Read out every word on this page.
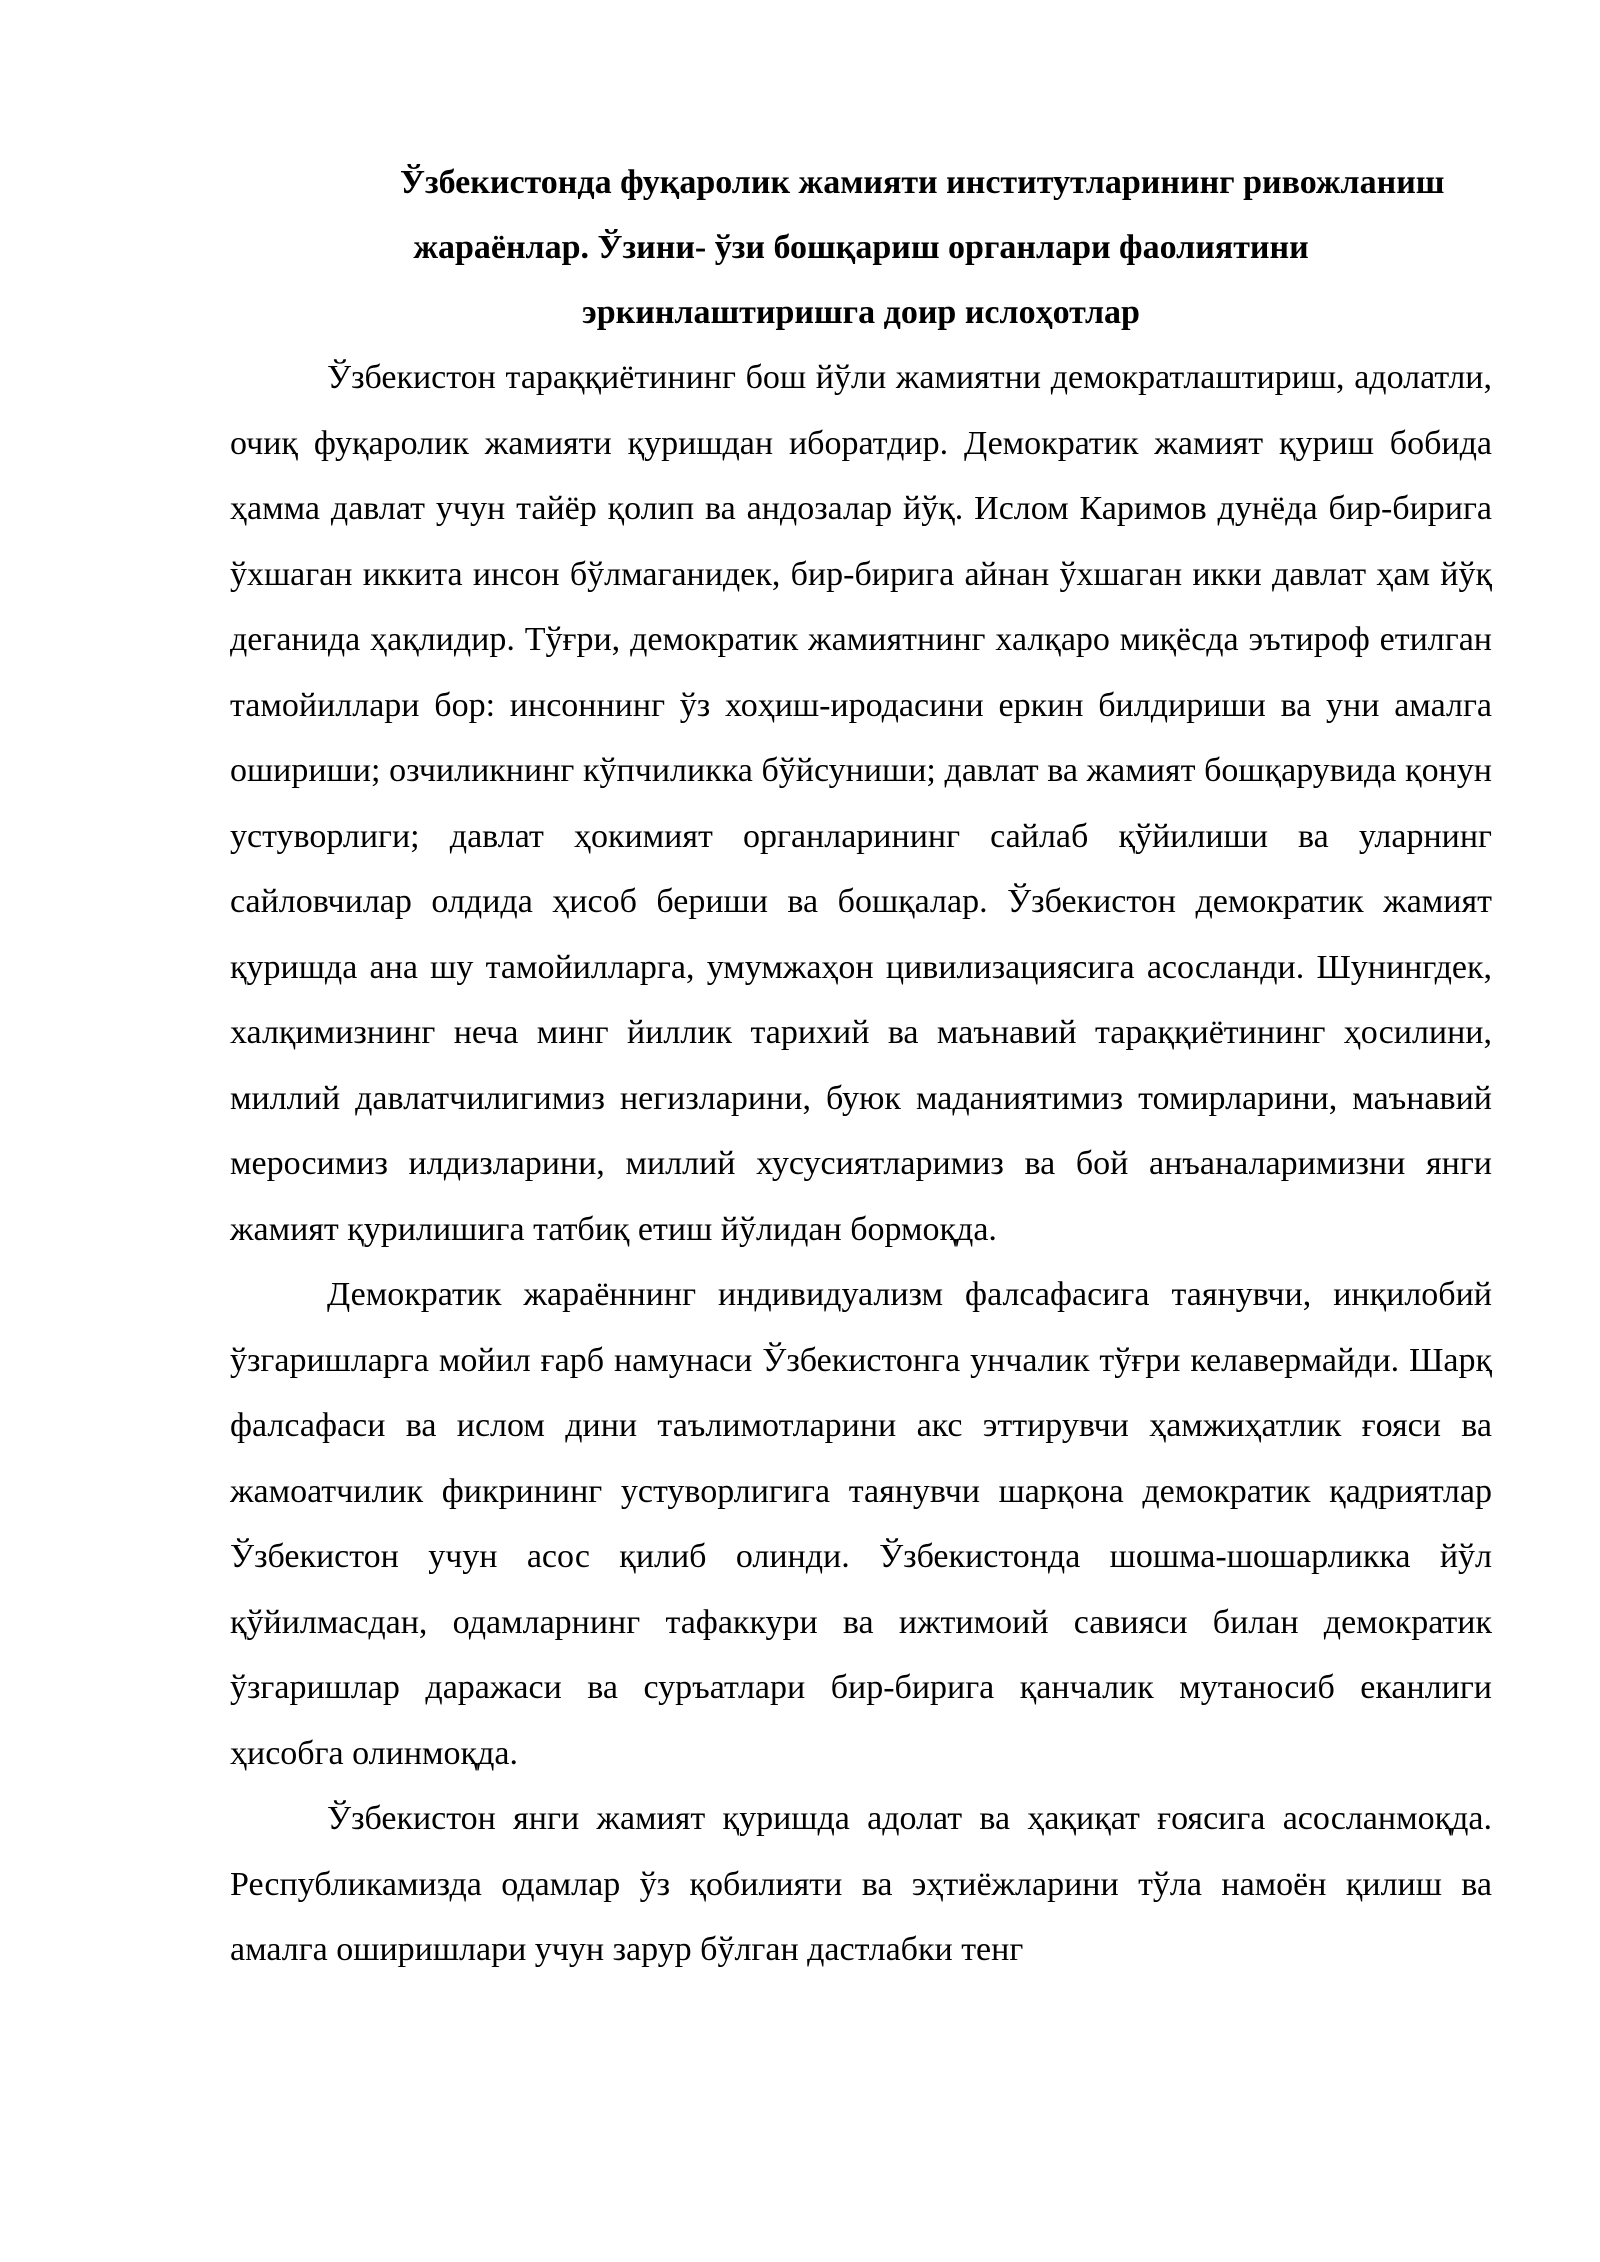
Ўзбекистонда фуқаролик жамияти институтларининг ривожланиш
жараёнлар. Ўзини- ўзи бошқариш органлари фаолиятини
эркинлаштиришга доир ислоҳотлар

Ўзбекистон тараққиётининг бош йўли жамиятни демократлаштириш, адолатли, очиқ фуқаролик жамияти қуришдан иборатдир. Демократик жамият қуриш бобида ҳамма давлат учун тайёр қолип ва андозалар йўқ. Ислом Каримов дунёда бир-бирига ўхшаган иккита инсон бўлмаганидек, бир-бирига айнан ўхшаган икки давлат ҳам йўқ деганида ҳақлидир. Тўғри, демократик жамиятнинг халқаро миқёсда эътироф етилган тамойиллари бор: инсоннинг ўз хоҳиш-иродасини еркин билдириши ва уни амалга ошириши; озчиликнинг кўпчиликка бўйсуниши; давлат ва жамият бошқарувида қонун устуворлиги; давлат ҳокимият органларининг сайлаб қўйилиши ва уларнинг сайловчилар олдида ҳисоб бериши ва бошқалар. Ўзбекистон демократик жамият қуришда ана шу тамойилларга, умумжаҳон цивилизациясига асосланди. Шунингдек, халқимизнинг неча минг йиллик тарихий ва маънавий тараққиётининг ҳосилини, миллий давлатчилигимиз негизларини, буюк маданиятимиз томирларини, маънавий меросимиз илдизларини, миллий хусусиятларимиз ва бой анъаналаримизни янги жамият қурилишига татбиқ етиш йўлидан бормоқда.

Демократик жараённинг индивидуализм фалсафасига таянувчи, инқилобий ўзгаришларга мойил ғарб намунаси Ўзбекистонга унчалик тўғри келавермайди. Шарқ фалсафаси ва ислом дини таълимотларини акс эттирувчи ҳамжиҳатлик ғояси ва жамоатчилик фикрининг устуворлигига таянувчи шарқона демократик қадриятлар Ўзбекистон учун асос қилиб олинди. Ўзбекистонда шошма-шошарликка йўл қўйилмасдан, одамларнинг тафаккури ва ижтимоий савияси билан демократик ўзгаришлар даражаси ва суръатлари бир-бирига қанчалик мутаносиб еканлиги ҳисобга олинмоқда.

Ўзбекистон янги жамият қуришда адолат ва ҳақиқат ғоясига асосланмоқда. Республикамизда одамлар ўз қобилияти ва эҳтиёжларини тўла намоён қилиш ва амалга оширишлари учун зарур бўлган дастлабки тенг
